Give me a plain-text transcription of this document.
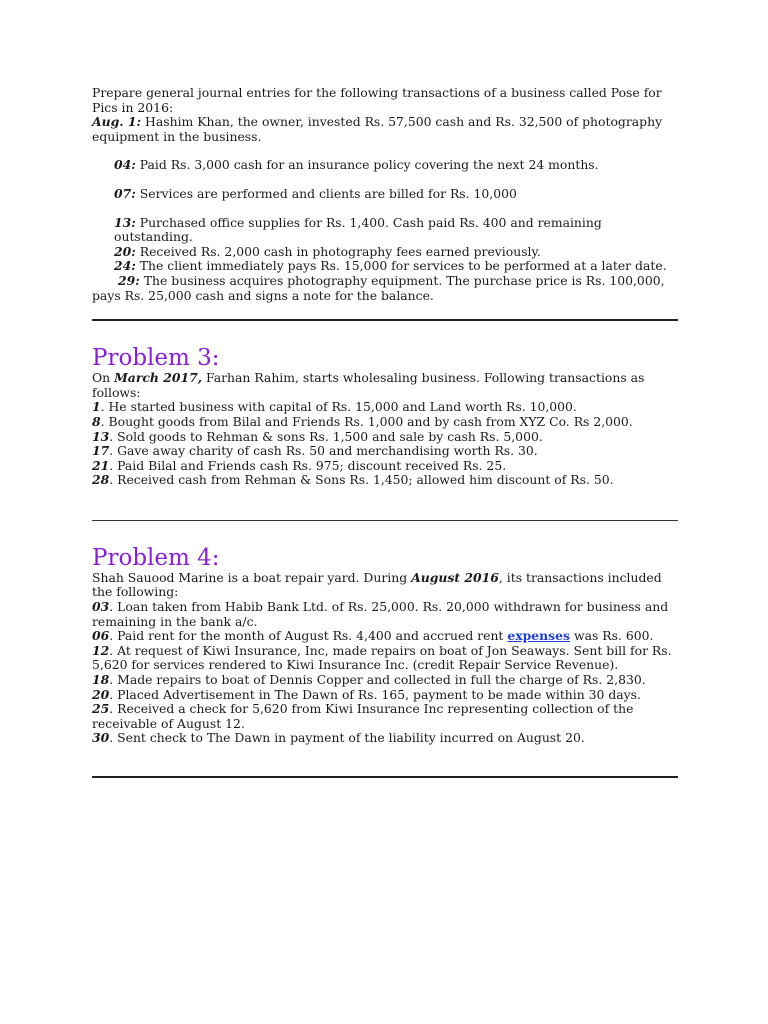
Prepare general journal entries for the following transactions of a business called Pose for Pics in 2016:

Aug. 1: Hashim Khan, the owner, invested Rs. 57,500 cash and Rs. 32,500 of photography equipment in the business.

04: Paid Rs. 3,000 cash for an insurance policy covering the next 24 months.

07: Services are performed and clients are billed for Rs. 10,000

13: Purchased office supplies for Rs. 1,400. Cash paid Rs. 400 and remaining outstanding.

20: Received Rs. 2,000 cash in photography fees earned previously.

24: The client immediately pays Rs. 15,000 for services to be performed at a later date.

29: The business acquires photography equipment. The purchase price is Rs. 100,000, pays Rs. 25,000 cash and signs a note for the balance.

Problem 3:

On March 2017, Farhan Rahim, starts wholesaling business. Following transactions as follows:

1. He started business with capital of Rs. 15,000 and Land worth Rs. 10,000.

8. Bought goods from Bilal and Friends Rs. 1,000 and by cash from XYZ Co. Rs 2,000.

13. Sold goods to Rehman & sons Rs. 1,500 and sale by cash Rs. 5,000.

17. Gave away charity of cash Rs. 50 and merchandising worth Rs. 30.

21. Paid Bilal and Friends cash Rs. 975; discount received Rs. 25.

28. Received cash from Rehman & Sons Rs. 1,450; allowed him discount of Rs. 50.

Problem 4:

Shah Sauood Marine is a boat repair yard. During August 2016, its transactions included the following:

03. Loan taken from Habib Bank Ltd. of Rs. 25,000. Rs. 20,000 withdrawn for business and remaining in the bank a/c.

06. Paid rent for the month of August Rs. 4,400 and accrued rent expenses was Rs. 600.

12. At request of Kiwi Insurance, Inc, made repairs on boat of Jon Seaways. Sent bill for Rs. 5,620 for services rendered to Kiwi Insurance Inc. (credit Repair Service Revenue).

18. Made repairs to boat of Dennis Copper and collected in full the charge of Rs. 2,830.

20. Placed Advertisement in The Dawn of Rs. 165, payment to be made within 30 days.

25. Received a check for 5,620 from Kiwi Insurance Inc representing collection of the receivable of August 12.

30. Sent check to The Dawn in payment of the liability incurred on August 20.
